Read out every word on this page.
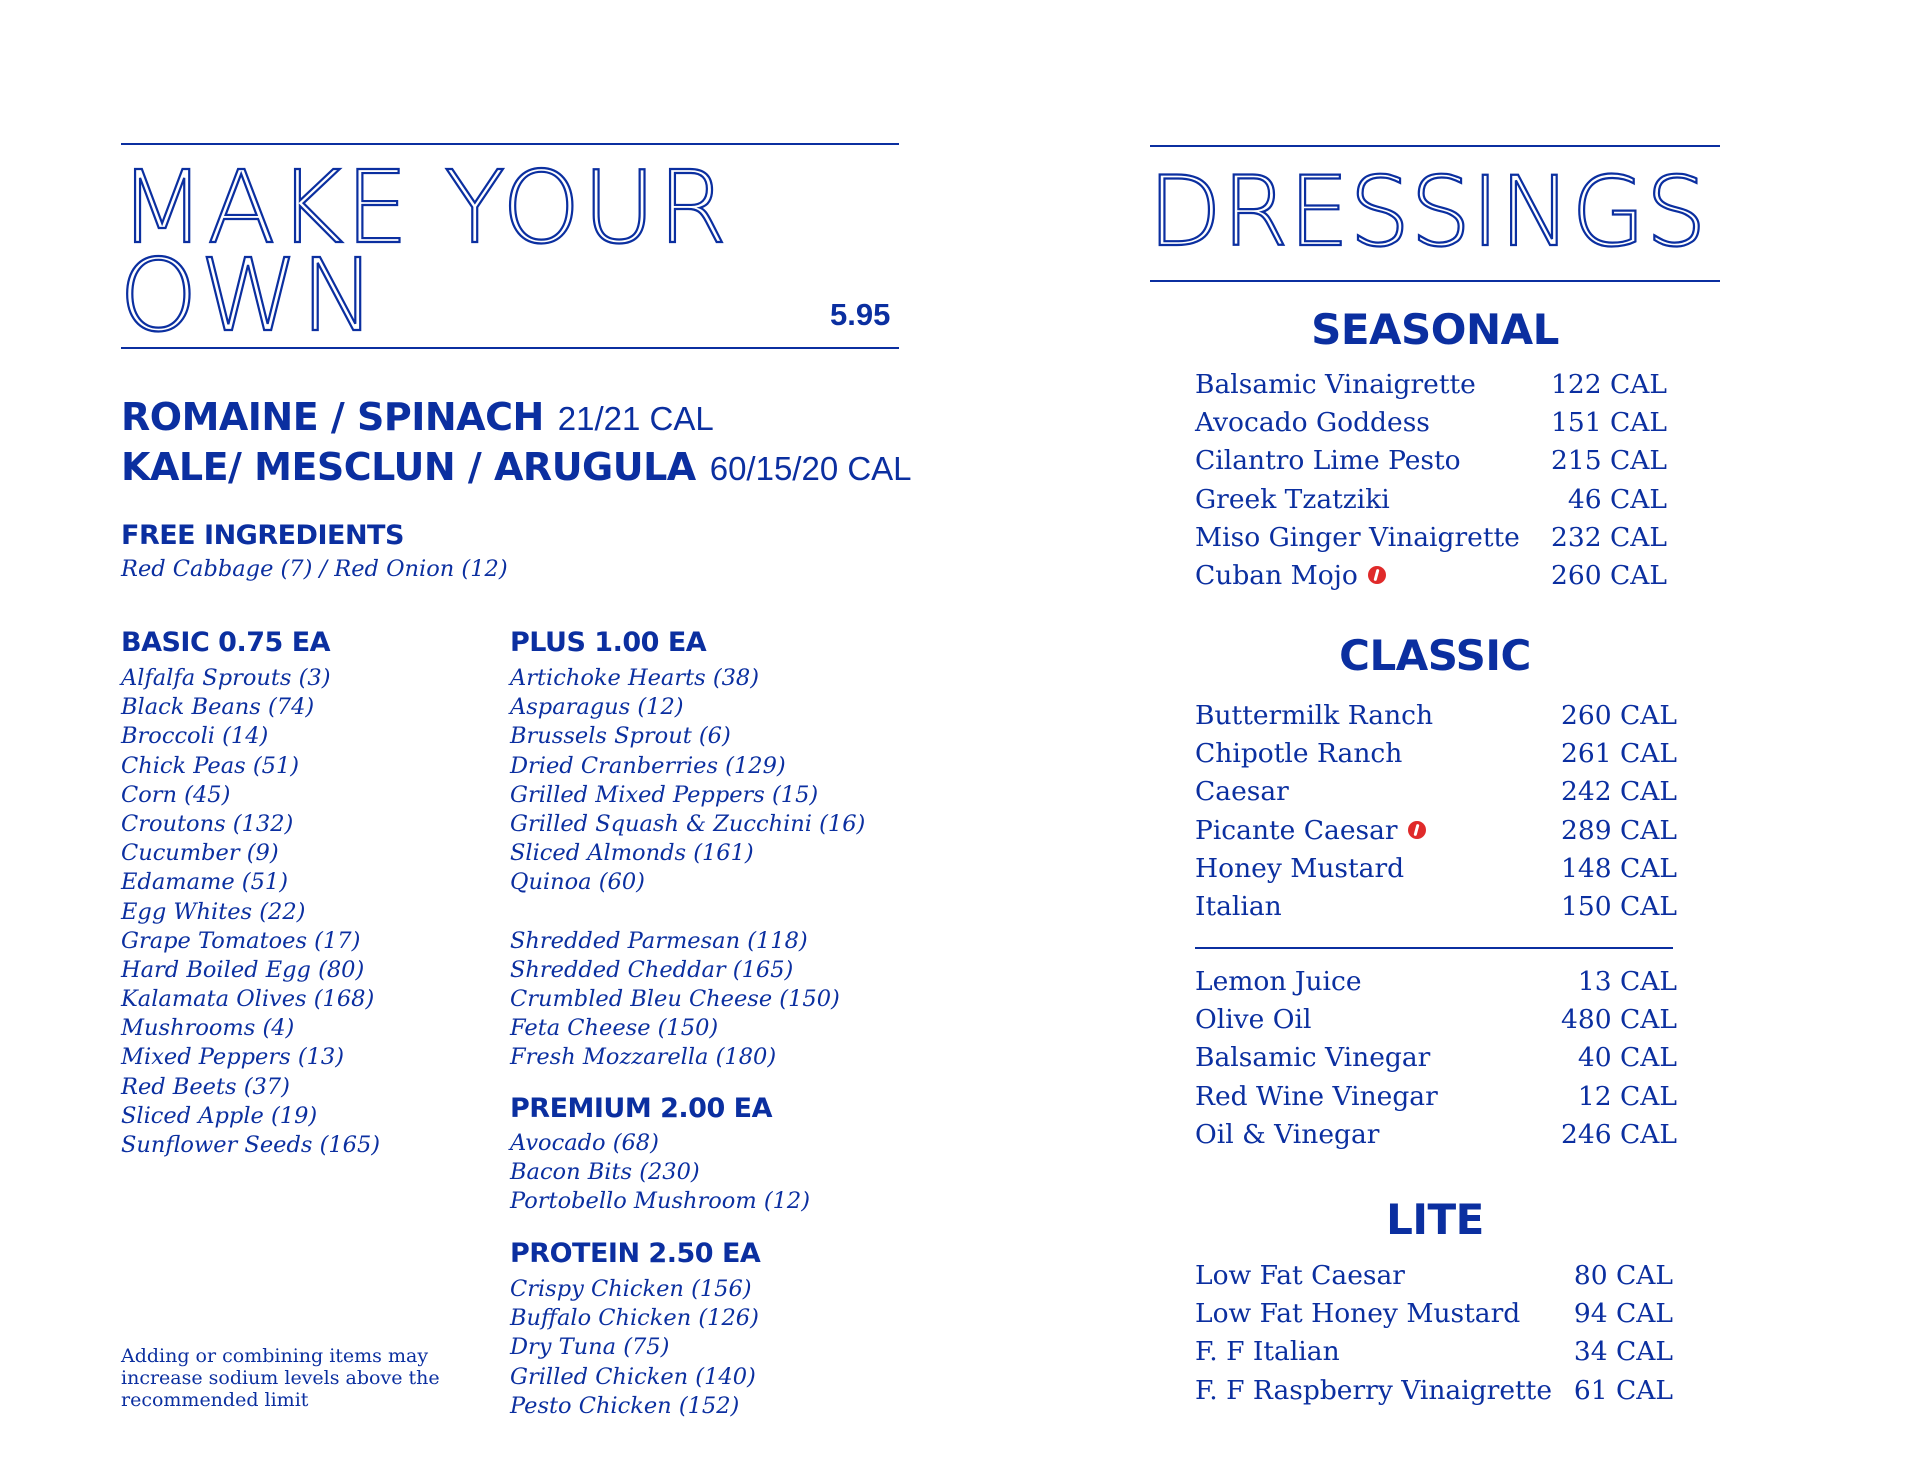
MAKE YOUR
OWN	5.95
ROMAINE / SPINACH 21/21 CAL
KALE/ MESCLUN / ARUGULA 60/15/20 CAL
FREE INGREDIENTS
Red Cabbage (7) / Red Onion (12)
BASIC 0.75 EA
Alfalfa Sprouts (3)
Black Beans (74)
Broccoli (14)
Chick Peas (51)
Corn (45)
Croutons (132)
Cucumber (9)
Edamame (51)
Egg Whites (22)
Grape Tomatoes (17)
Hard Boiled Egg (80)
Kalamata Olives (168)
Mushrooms (4)
Mixed Peppers (13)
Red Beets (37)
Sliced Apple (19)
Sunflower Seeds (165)
PLUS 1.00 EA
Artichoke Hearts (38)
Asparagus (12)
Brussels Sprout (6)
Dried Cranberries (129)
Grilled Mixed Peppers (15)
Grilled Squash & Zucchini (16)
Sliced Almonds (161)
Quinoa (60)
Shredded Parmesan (118)
Shredded Cheddar (165)
Crumbled Bleu Cheese (150)
Feta Cheese (150)
Fresh Mozzarella (180)
PREMIUM 2.00 EA
Avocado (68)
Bacon Bits (230)
Portobello Mushroom (12)
PROTEIN 2.50 EA
Crispy Chicken (156)
Buffalo Chicken (126)
Dry Tuna (75)
Grilled Chicken (140)
Pesto Chicken (152)
Adding or combining items may increase sodium levels above the recommended limit
DRESSINGS
SEASONAL
Balsamic Vinaigrette	122 CAL
Avocado Goddess	151 CAL
Cilantro Lime Pesto	215 CAL
Greek Tzatziki	46 CAL
Miso Ginger Vinaigrette 232 CAL
Cuban Mojo	260 CAL
CLASSIC
Buttermilk Ranch	260 CAL
Chipotle Ranch	261 CAL
Caesar	242 CAL
Picante Caesar	289 CAL
Honey Mustard	148 CAL
Italian	150 CAL
Lemon Juice	13 CAL
Olive Oil	480 CAL
Balsamic Vinegar	40 CAL
Red Wine Vinegar	12 CAL
Oil & Vinegar	246 CAL
LITE
Low Fat Caesar	80 CAL
Low Fat Honey Mustard 94 CAL
F. F Italian	34 CAL
F. F Raspberry Vinaigrette 61 CAL
